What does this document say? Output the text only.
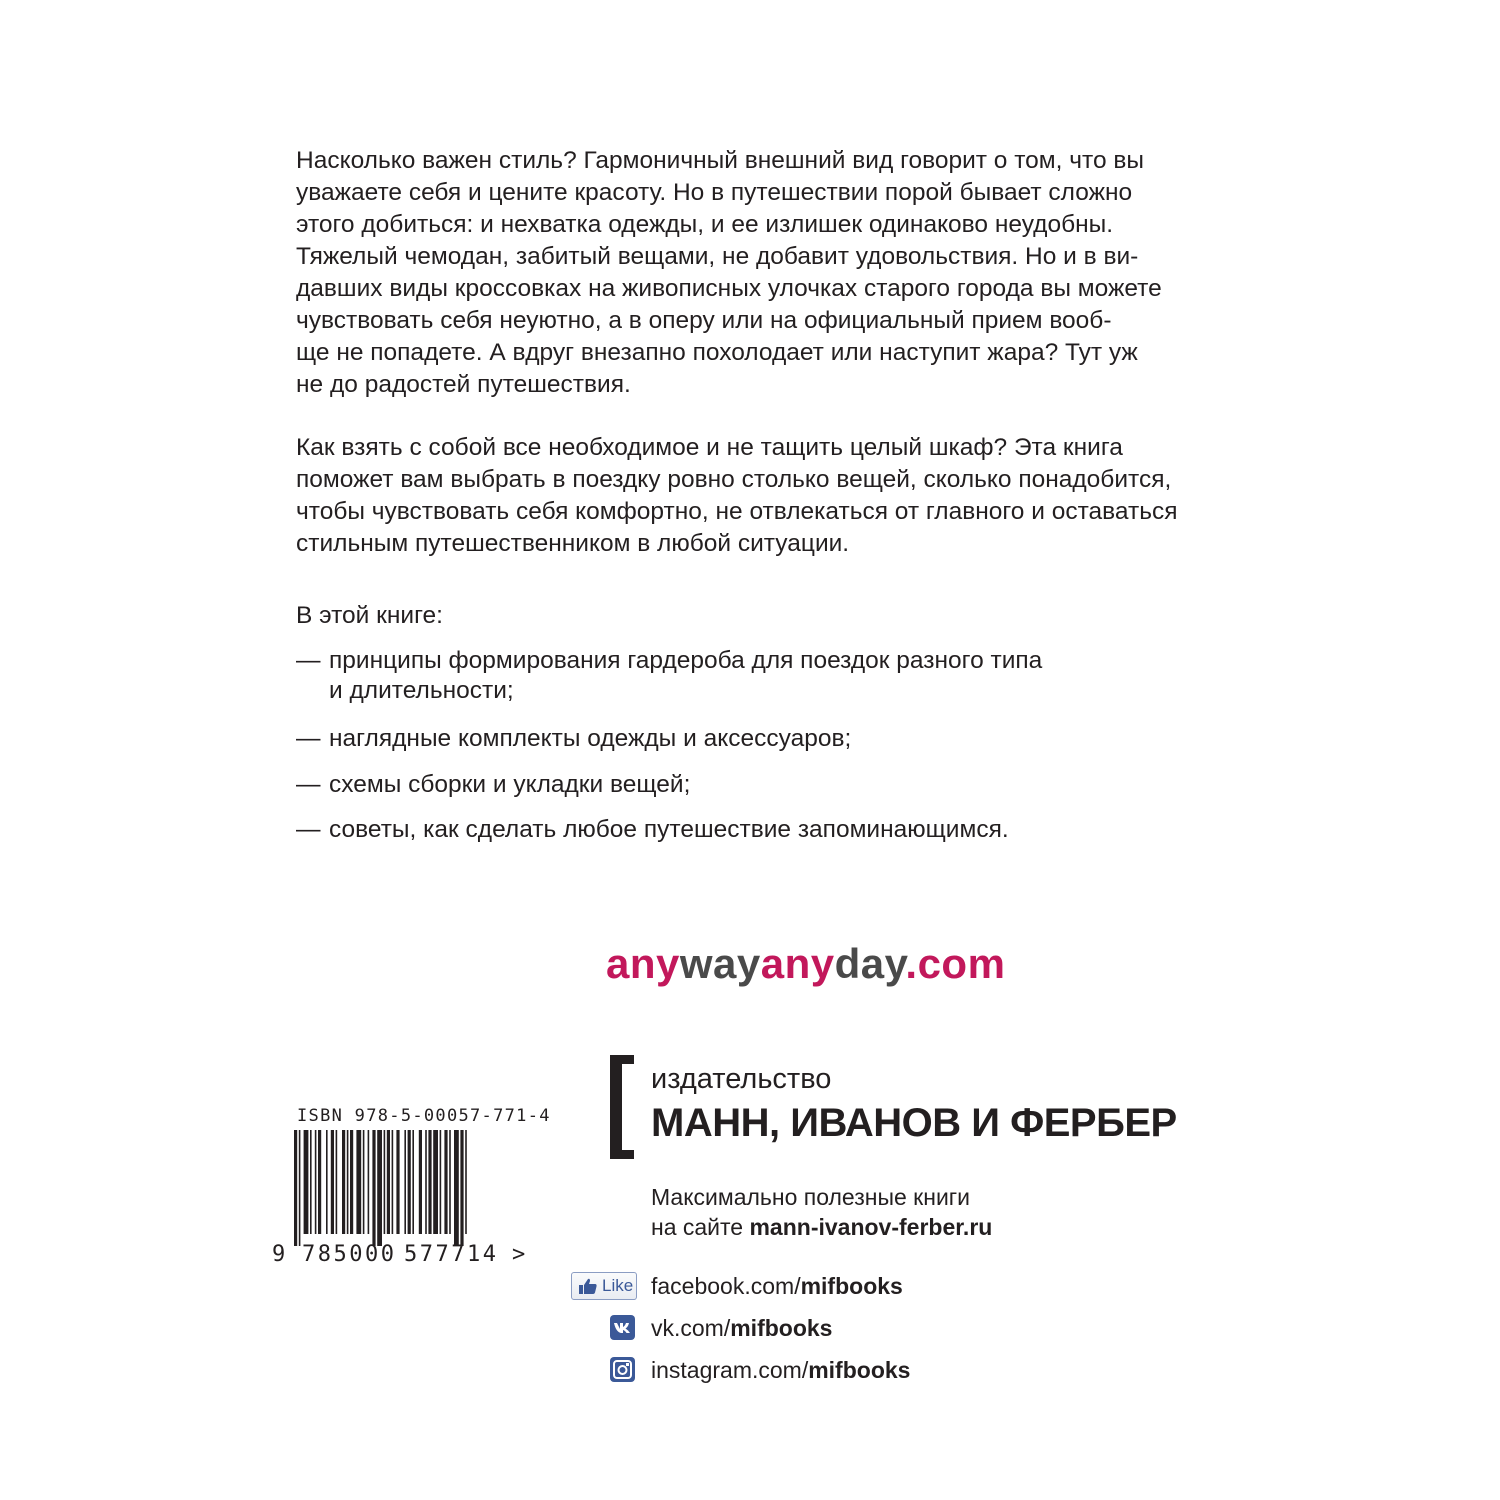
Насколько важен стиль? Гармоничный внешний вид говорит о том, что вы
уважаете себя и цените красоту. Но в путешествии порой бывает сложно
этого добиться: и нехватка одежды, и ее излишек одинаково неудобны.
Тяжелый чемодан, забитый вещами, не добавит удовольствия. Но и в ви-
давших виды кроссовках на живописных улочках старого города вы можете
чувствовать себя неуютно, а в оперу или на официальный прием вооб-
ще не попадете. А вдруг внезапно похолодает или наступит жара? Тут уж
не до радостей путешествия.
Как взять с собой все необходимое и не тащить целый шкаф? Эта книга
поможет вам выбрать в поездку ровно столько вещей, сколько понадобится,
чтобы чувствовать себя комфортно, не отвлекаться от главного и оставаться
стильным путешественником в любой ситуации.
В этой книге:
— принципы формирования гардероба для поездок разного типа
и длительности;
— наглядные комплекты одежды и аксессуаров;
— схемы сборки и укладки вещей;
— советы, как сделать любое путешествие запоминающимся.
anywayanyday.com
издательство
МАНН, ИВАНОВ И ФЕРБЕР
Максимально полезные книги
на сайте mann-ivanov-ferber.ru
Like facebook.com/mifbooks
vk.com/mifbooks
instagram.com/mifbooks
ISBN 978-5-00057-771-4
9 785000 577714 >
